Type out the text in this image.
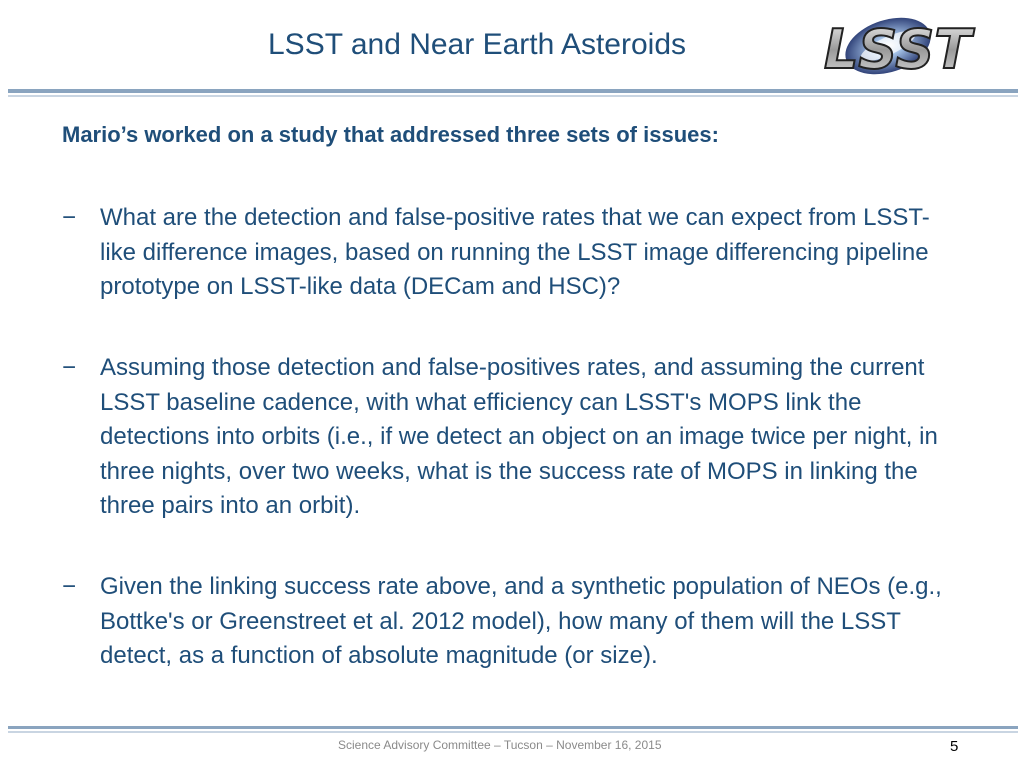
LSST and Near Earth Asteroids	LSST
Mario’s worked on a study that addressed three sets of issues:
− What are the detection and false-positive rates that we can expect from LSST-like difference images, based on running the LSST image differencing pipeline prototype on LSST-like data (DECam and HSC)?
− Assuming those detection and false-positives rates, and assuming the current LSST baseline cadence, with what efficiency can LSST's MOPS link the detections into orbits (i.e., if we detect an object on an image twice per night, in three nights, over two weeks, what is the success rate of MOPS in linking the three pairs into an orbit).
− Given the linking success rate above, and a synthetic population of NEOs (e.g., Bottke's or Greenstreet et al. 2012 model), how many of them will the LSST detect, as a function of absolute magnitude (or size).
Science Advisory Committee – Tucson – November 16, 2015	5
